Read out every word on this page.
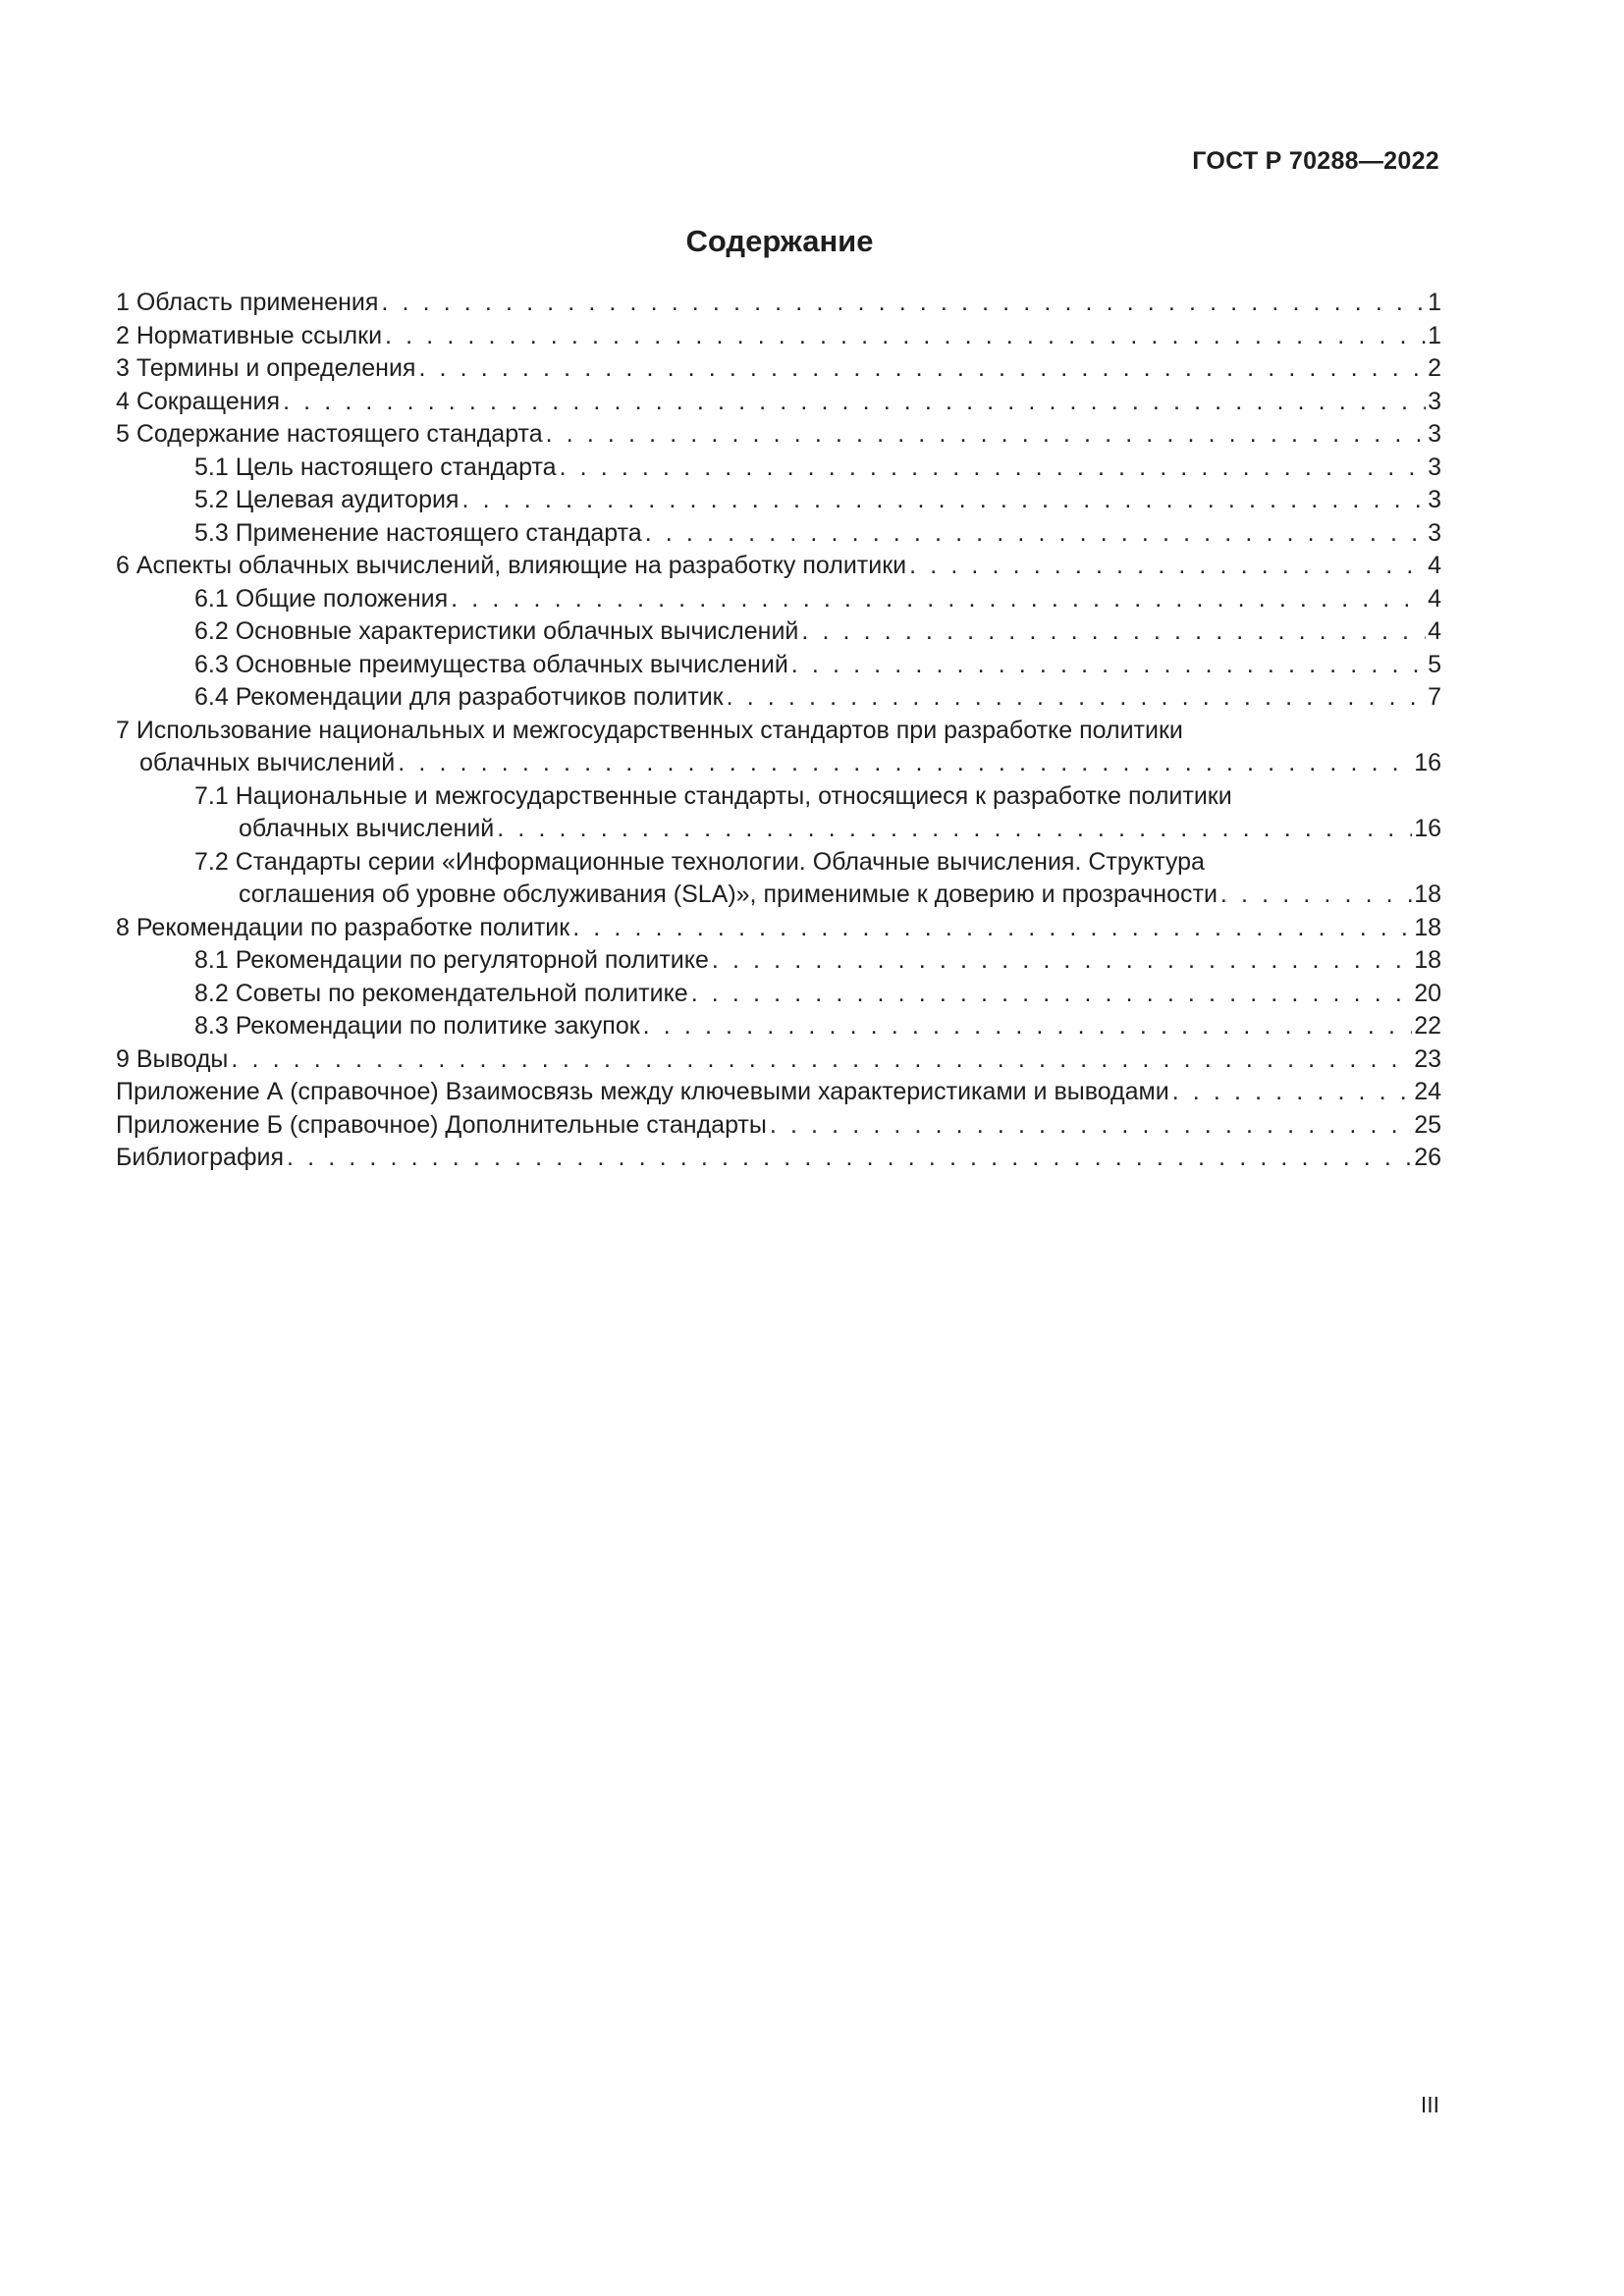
ГОСТ Р 70288—2022
Содержание
1 Область применения . . .	1
2 Нормативные ссылки . . .	1
3 Термины и определения . . .	2
4 Сокращения . . .	3
5 Содержание настоящего стандарта . . .	3
5.1 Цель настоящего стандарта . . .	3
5.2 Целевая аудитория . . .	3
5.3 Применение настоящего стандарта . . .	3
6 Аспекты облачных вычислений, влияющие на разработку политики . . .	4
6.1 Общие положения . . .	4
6.2 Основные характеристики облачных вычислений . . .	4
6.3 Основные преимущества облачных вычислений . . .	5
6.4 Рекомендации для разработчиков политик . . .	7
7 Использование национальных и межгосударственных стандартов при разработке политики
облачных вычислений . . .	16
7.1 Национальные и межгосударственные стандарты, относящиеся к разработке политики
облачных вычислений . . .	16
7.2 Стандарты серии «Информационные технологии. Облачные вычисления. Структура
соглашения об уровне обслуживания (SLA)», применимые к доверию и прозрачности . . .	18
8 Рекомендации по разработке политик . . .	18
8.1 Рекомендации по регуляторной политике . . .	18
8.2 Советы по рекомендательной политике . . .	20
8.3 Рекомендации по политике закупок . . .	22
9 Выводы . . .	23
Приложение А (справочное) Взаимосвязь между ключевыми характеристиками и выводами . . .	24
Приложение Б (справочное) Дополнительные стандарты . . .	25
Библиография . . .	26
III
